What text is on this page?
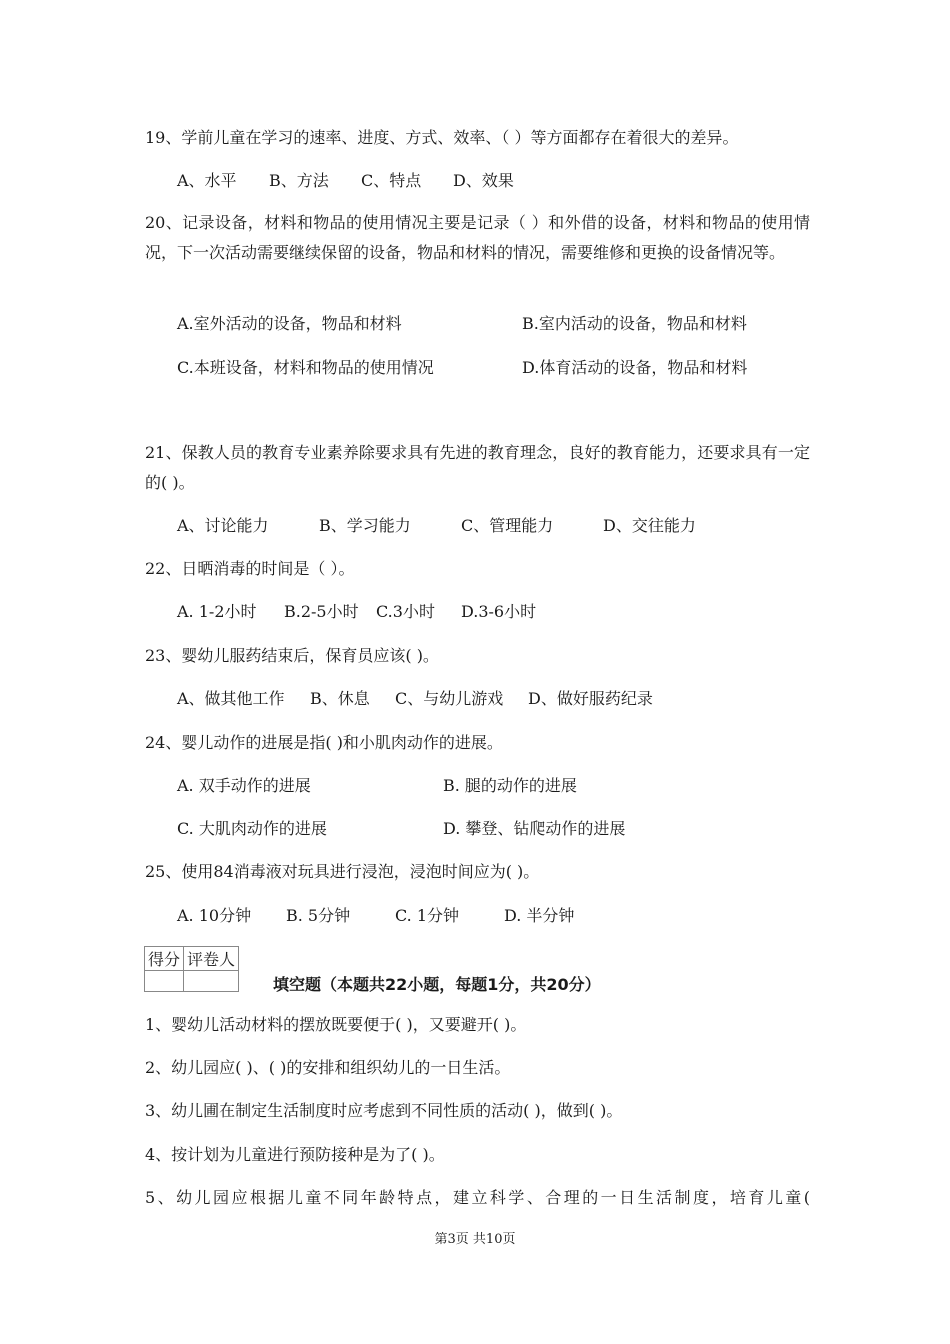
19、学前儿童在学习的速率、进度、方式、效率、（ ）等方面都存在着很大的差异。
A、水平 B、方法 C、特点 D、效果
20、记录设备，材料和物品的使用情况主要是记录（ ）和外借的设备，材料和物品的使用情况，下一次活动需要继续保留的设备，物品和材料的情况，需要维修和更换的设备情况等。
A.室外活动的设备，物品和材料	B.室内活动的设备，物品和材料
C.本班设备，材料和物品的使用情况	D.体育活动的设备，物品和材料
21、保教人员的教育专业素养除要求具有先进的教育理念，良好的教育能力，还要求具有一定的( )。
A、讨论能力	B、学习能力	C、管理能力	D、交往能力
22、日晒消毒的时间是（ ）。
A. 1-2小时 B.2-5小时 C.3小时 D.3-6小时
23、婴幼儿服药结束后，保育员应该( )。
A、做其他工作 B、休息 C、与幼儿游戏 D、做好服药纪录
24、婴儿动作的进展是指( )和小肌肉动作的进展。
A. 双手动作的进展	B. 腿的动作的进展
C. 大肌肉动作的进展	D. 攀登、钻爬动作的进展
25、使用84消毒液对玩具进行浸泡，浸泡时间应为( )。
A. 10分钟 B. 5分钟	C. 1分钟	D. 半分钟
得分	评卷人

填空题（本题共22小题，每题1分，共20分）
1、婴幼儿活动材料的摆放既要便于( )，又要避开( )。
2、幼儿园应( )、( )的安排和组织幼儿的一日生活。
3、幼儿圃在制定生活制度时应考虑到不同性质的活动( )，做到( )。
4、按计划为儿童进行预防接种是为了( )。
5、幼儿园应根据儿童不同年龄特点，建立科学、合理的一日生活制度，培育儿童(
第3页 共10页
